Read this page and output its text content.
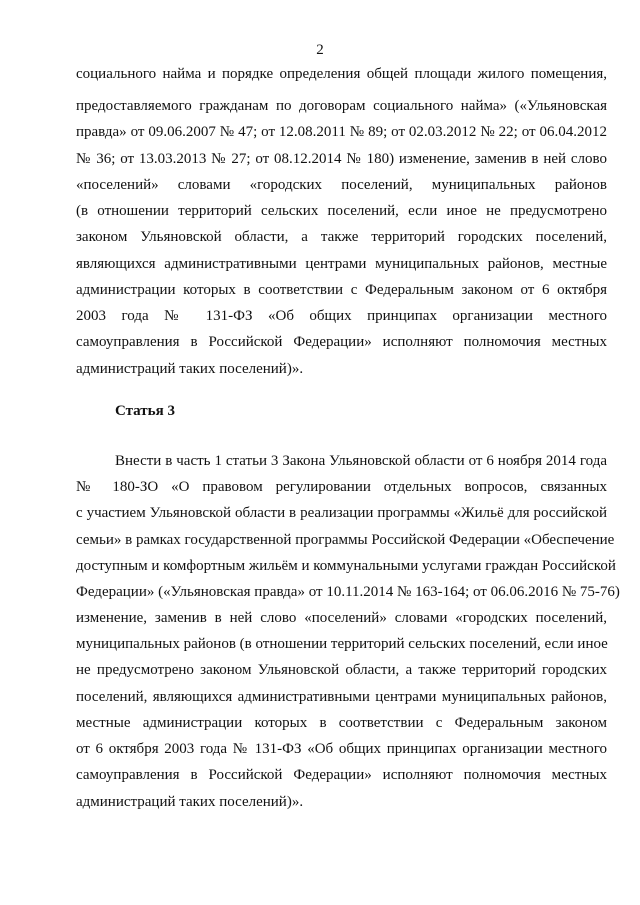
2
социального найма и порядке определения общей площади жилого помещения,
предоставляемого гражданам по договорам социального найма» («Ульяновская
правда» от 09.06.2007 № 47; от 12.08.2011 № 89; от 02.03.2012 № 22; от 06.04.2012
№ 36; от 13.03.2013 № 27; от 08.12.2014 № 180) изменение, заменив в ней слово
«поселений» словами «городских поселений, муниципальных районов
(в отношении территорий сельских поселений, если иное не предусмотрено
законом Ульяновской области, а также территорий городских поселений,
являющихся административными центрами муниципальных районов, местные
администрации которых в соответствии с Федеральным законом от 6 октября
2003 года № 131-ФЗ «Об общих принципах организации местного
самоуправления в Российской Федерации» исполняют полномочия местных
администраций таких поселений)».
Статья 3
Внести в часть 1 статьи 3 Закона Ульяновской области от 6 ноября 2014 года
№ 180-ЗО «О правовом регулировании отдельных вопросов, связанных
с участием Ульяновской области в реализации программы «Жильё для российской
семьи» в рамках государственной программы Российской Федерации «Обеспечение
доступным и комфортным жильём и коммунальными услугами граждан Российской
Федерации» («Ульяновская правда» от 10.11.2014 № 163-164; от 06.06.2016 № 75-76)
изменение, заменив в ней слово «поселений» словами «городских поселений,
муниципальных районов (в отношении территорий сельских поселений, если иное
не предусмотрено законом Ульяновской области, а также территорий городских
поселений, являющихся административными центрами муниципальных районов,
местные администрации которых в соответствии с Федеральным законом
от 6 октября 2003 года № 131-ФЗ «Об общих принципах организации местного
самоуправления в Российской Федерации» исполняют полномочия местных
администраций таких поселений)».
